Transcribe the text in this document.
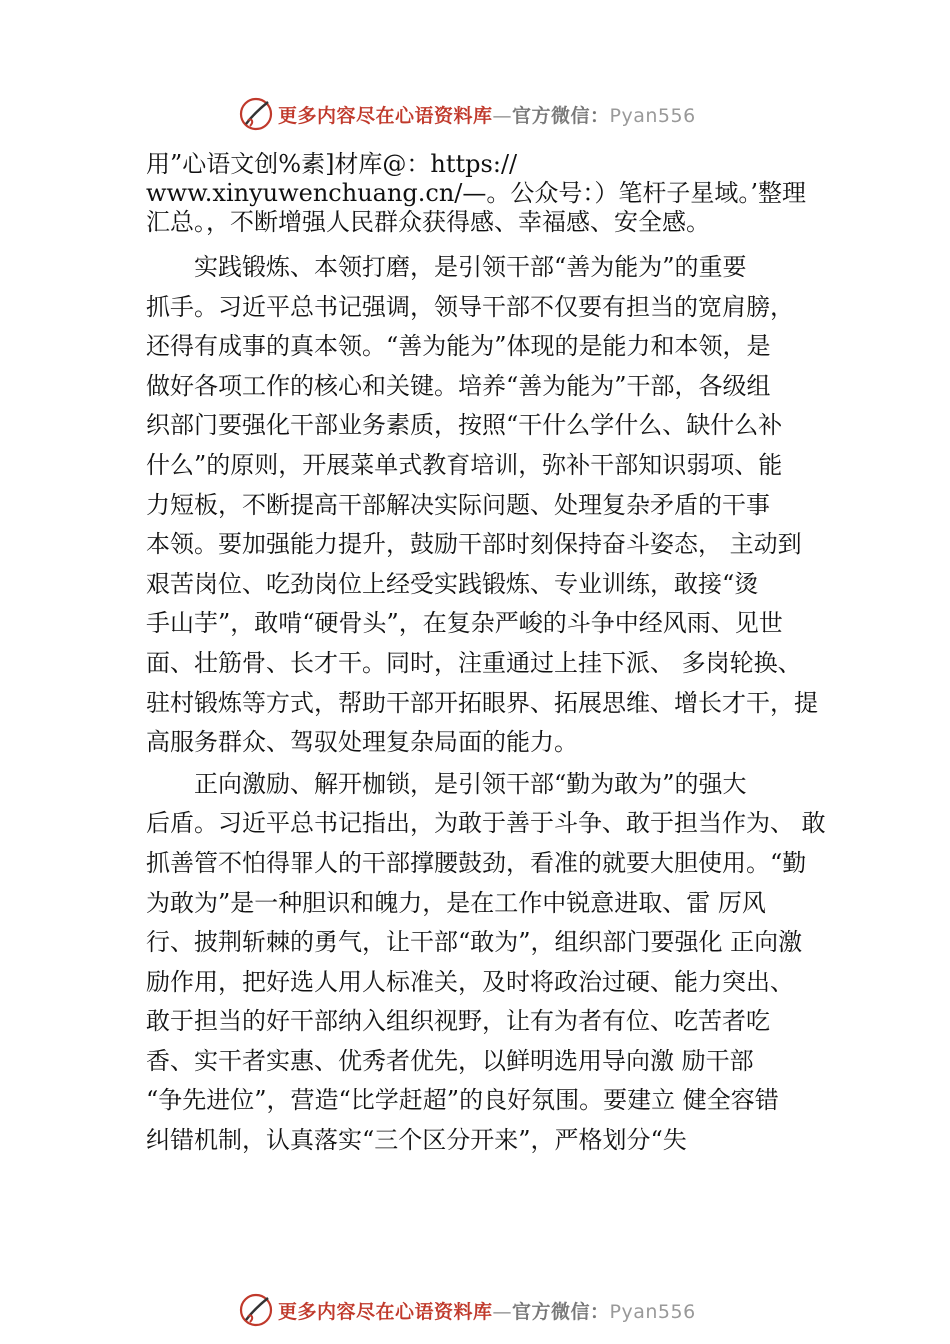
更多内容尽在心语资料库—官方微信：Pyan556
用”心语文创%素]材库@：https://
www.xinyuwenchuang.cn/—。公众号：）笔杆子星域。’整理
汇总。，不断增强人民群众获得感、幸福感、安全感。
　　实践锻炼、本领打磨，是引领干部“善为能为”的重要
抓手。习近平总书记强调，领导干部不仅要有担当的宽肩膀，
还得有成事的真本领。“善为能为”体现的是能力和本领，是
做好各项工作的核心和关键。培养“善为能为”干部，各级组
织部门要强化干部业务素质，按照“干什么学什么、缺什么补
什么”的原则，开展菜单式教育培训，弥补干部知识弱项、能
力短板，不断提高干部解决实际问题、处理复杂矛盾的干事
本领。要加强能力提升，鼓励干部时刻保持奋斗姿态， 主动到
艰苦岗位、吃劲岗位上经受实践锻炼、专业训练，敢接“烫
手山芋”，敢啃“硬骨头”，在复杂严峻的斗争中经风雨、见世
面、壮筋骨、长才干。同时，注重通过上挂下派、 多岗轮换、
驻村锻炼等方式，帮助干部开拓眼界、拓展思维、增长才干，提
高服务群众、驾驭处理复杂局面的能力。
　　正向激励、解开枷锁，是引领干部“勤为敢为”的强大
后盾。习近平总书记指出，为敢于善于斗争、敢于担当作为、 敢
抓善管不怕得罪人的干部撑腰鼓劲，看准的就要大胆使用。“勤
为敢为”是一种胆识和魄力，是在工作中锐意进取、雷 厉风
行、披荆斩棘的勇气，让干部“敢为”，组织部门要强化 正向激
励作用，把好选人用人标准关，及时将政治过硬、能力突出、
敢于担当的好干部纳入组织视野，让有为者有位、吃苦者吃
香、实干者实惠、优秀者优先，以鲜明选用导向激 励干部
“争先进位”，营造“比学赶超”的良好氛围。要建立 健全容错
纠错机制，认真落实“三个区分开来”，严格划分“失
更多内容尽在心语资料库—官方微信：Pyan556
